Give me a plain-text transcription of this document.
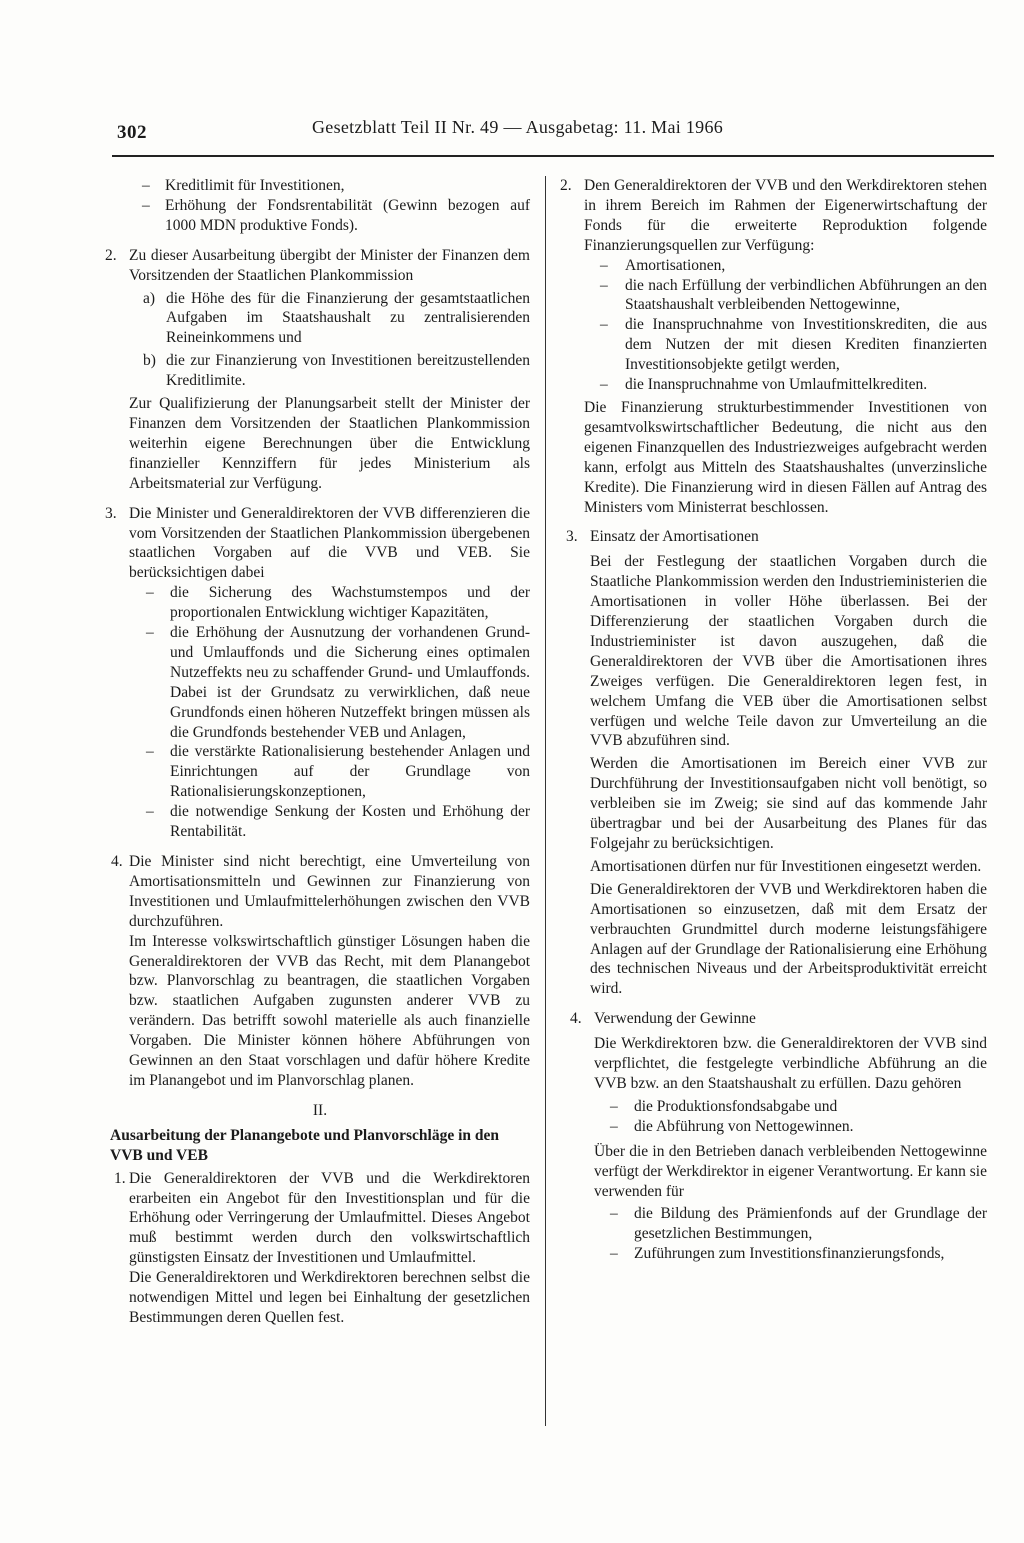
302	Gesetzblatt Teil II Nr. 49 — Ausgabetag: 11. Mai 1966
– Kreditlimit für Investitionen,

– Erhöhung der Fondsrentabilität (Gewinn bezogen auf 1000 MDN produktive Fonds).

2. Zu dieser Ausarbeitung übergibt der Minister der Finanzen dem Vorsitzenden der Staatlichen Plankommission

a) die Höhe des für die Finanzierung der gesamtstaatlichen Aufgaben im Staatshaushalt zu zentralisierenden Reineinkommens und

b) die zur Finanzierung von Investitionen bereitzustellenden Kreditlimite.

Zur Qualifizierung der Planungsarbeit stellt der Minister der Finanzen dem Vorsitzenden der Staatlichen Plankommission weiterhin eigene Berechnungen über die Entwicklung finanzieller Kennziffern für jedes Ministerium als Arbeitsmaterial zur Verfügung.

3. Die Minister und Generaldirektoren der VVB differenzieren die vom Vorsitzenden der Staatlichen Plankommission übergebenen staatlichen Vorgaben auf die VVB und VEB. Sie berücksichtigen dabei

– die Sicherung des Wachstumstempos und der proportionalen Entwicklung wichtiger Kapazitäten,

– die Erhöhung der Ausnutzung der vorhandenen Grund- und Umlauffonds und die Sicherung eines optimalen Nutzeffekts neu zu schaffender Grund- und Umlauffonds. Dabei ist der Grundsatz zu verwirklichen, daß neue Grundfonds einen höheren Nutzeffekt bringen müssen als die Grundfonds bestehender VEB und Anlagen,

– die verstärkte Rationalisierung bestehender Anlagen und Einrichtungen auf der Grundlage von Rationalisierungskonzeptionen,

– die notwendige Senkung der Kosten und Erhöhung der Rentabilität.

4. Die Minister sind nicht berechtigt, eine Umverteilung von Amortisationsmitteln und Gewinnen zur Finanzierung von Investitionen und Umlaufmittelerhöhungen zwischen den VVB durchzuführen.

Im Interesse volkswirtschaftlich günstiger Lösungen haben die Generaldirektoren der VVB das Recht, mit dem Planangebot bzw. Planvorschlag zu beantragen, die staatlichen Vorgaben bzw. staatlichen Aufgaben zugunsten anderer VVB zu verändern. Das betrifft sowohl materielle als auch finanzielle Vorgaben. Die Minister können höhere Abführungen von Gewinnen an den Staat vorschlagen und dafür höhere Kredite im Planangebot und im Planvorschlag planen.

II.

Ausarbeitung der Planangebote und Planvorschläge in den VVB und VEB

1. Die Generaldirektoren der VVB und die Werkdirektoren erarbeiten ein Angebot für den Investitionsplan und für die Erhöhung oder Verringerung der Umlaufmittel. Dieses Angebot muß bestimmt werden durch den volkswirtschaftlich günstigsten Einsatz der Investitionen und Umlaufmittel.

Die Generaldirektoren und Werkdirektoren berechnen selbst die notwendigen Mittel und legen bei Einhaltung der gesetzlichen Bestimmungen deren Quellen fest.

2. Den Generaldirektoren der VVB und den Werkdirektoren stehen in ihrem Bereich im Rahmen der Eigenerwirtschaftung der Fonds für die erweiterte Reproduktion folgende Finanzierungsquellen zur Verfügung:

– Amortisationen,

– die nach Erfüllung der verbindlichen Abführungen an den Staatshaushalt verbleibenden Nettogewinne,

– die Inanspruchnahme von Investitionskrediten, die aus dem Nutzen der mit diesen Krediten finanzierten Investitionsobjekte getilgt werden,

– die Inanspruchnahme von Umlaufmittelkrediten.

Die Finanzierung strukturbestimmender Investitionen von gesamtvolkswirtschaftlicher Bedeutung, die nicht aus den eigenen Finanzquellen des Industriezweiges aufgebracht werden kann, erfolgt aus Mitteln des Staatshaushaltes (unverzinsliche Kredite). Die Finanzierung wird in diesen Fällen auf Antrag des Ministers vom Ministerrat beschlossen.

3. Einsatz der Amortisationen

Bei der Festlegung der staatlichen Vorgaben durch die Staatliche Plankommission werden den Industrieministerien die Amortisationen in voller Höhe überlassen. Bei der Differenzierung der staatlichen Vorgaben durch die Industrieminister ist davon auszugehen, daß die Generaldirektoren der VVB über die Amortisationen ihres Zweiges verfügen. Die Generaldirektoren legen fest, in welchem Umfang die VEB über die Amortisationen selbst verfügen und welche Teile davon zur Umverteilung an die VVB abzuführen sind.

Werden die Amortisationen im Bereich einer VVB zur Durchführung der Investitionsaufgaben nicht voll benötigt, so verbleiben sie im Zweig; sie sind auf das kommende Jahr übertragbar und bei der Ausarbeitung des Planes für das Folgejahr zu berücksichtigen.

Amortisationen dürfen nur für Investitionen eingesetzt werden.

Die Generaldirektoren der VVB und Werkdirektoren haben die Amortisationen so einzusetzen, daß mit dem Ersatz der verbrauchten Grundmittel durch moderne leistungsfähigere Anlagen auf der Grundlage der Rationalisierung eine Erhöhung des technischen Niveaus und der Arbeitsproduktivität erreicht wird.

4. Verwendung der Gewinne

Die Werkdirektoren bzw. die Generaldirektoren der VVB sind verpflichtet, die festgelegte verbindliche Abführung an die VVB bzw. an den Staatshaushalt zu erfüllen. Dazu gehören

– die Produktionsfondsabgabe und

– die Abführung von Nettogewinnen.

Über die in den Betrieben danach verbleibenden Nettogewinne verfügt der Werkdirektor in eigener Verantwortung. Er kann sie verwenden für

– die Bildung des Prämienfonds auf der Grundlage der gesetzlichen Bestimmungen,

– Zuführungen zum Investitionsfinanzierungsfonds,
